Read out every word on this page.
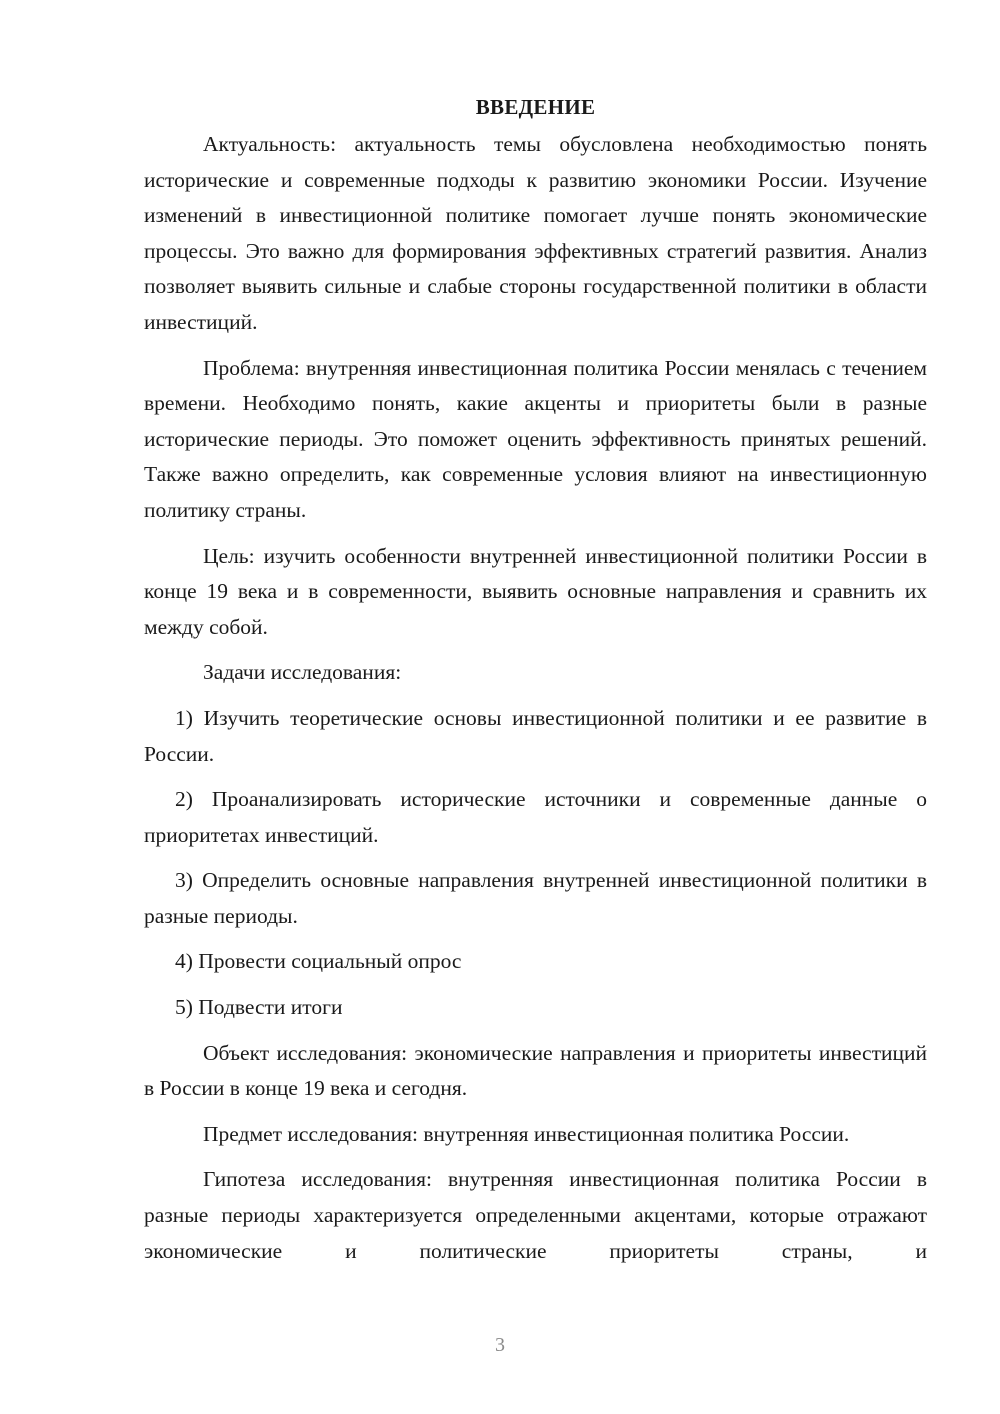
ВВЕДЕНИЕ

Актуальность: актуальность темы обусловлена необходимостью понять исторические и современные подходы к развитию экономики России. Изучение изменений в инвестиционной политике помогает лучше понять экономические процессы. Это важно для формирования эффективных стратегий развития. Анализ позволяет выявить сильные и слабые стороны государственной политики в области инвестиций.

Проблема: внутренняя инвестиционная политика России менялась с течением времени. Необходимо понять, какие акценты и приоритеты были в разные исторические периоды. Это поможет оценить эффективность принятых решений. Также важно определить, как современные условия влияют на инвестиционную политику страны.

Цель: изучить особенности внутренней инвестиционной политики России в конце 19 века и в современности, выявить основные направления и сравнить их между собой.

Задачи исследования:

1) Изучить теоретические основы инвестиционной политики и ее развитие в России.

2) Проанализировать исторические источники и современные данные о приоритетах инвестиций.

3) Определить основные направления внутренней инвестиционной политики в разные периоды.

4) Провести социальный опрос

5) Подвести итоги

Объект исследования: экономические направления и приоритеты инвестиций в России в конце 19 века и сегодня.

Предмет исследования: внутренняя инвестиционная политика России.

Гипотеза исследования: внутренняя инвестиционная политика России в разные периоды характеризуется определенными акцентами, которые отражают экономические и политические приоритеты страны, и

3
